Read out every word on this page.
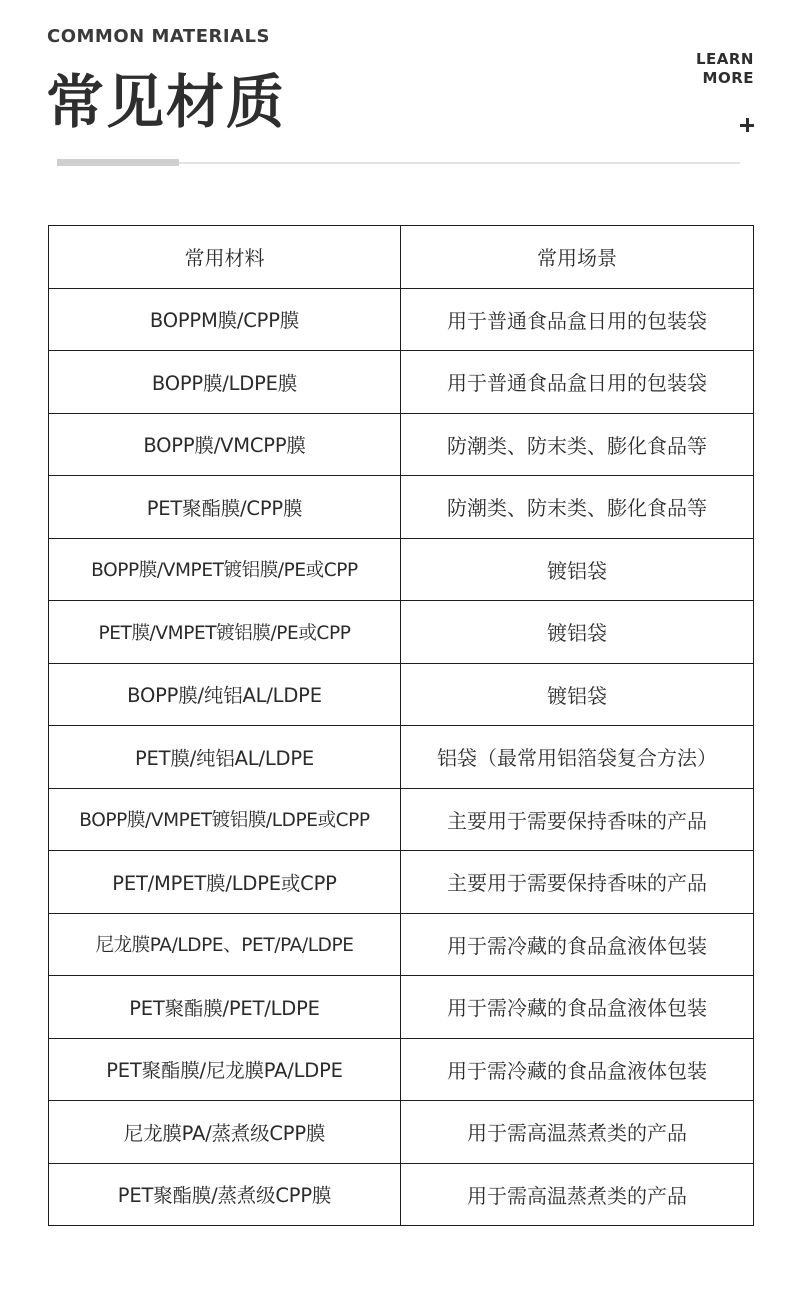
COMMON MATERIALS
常见材质
LEARN
MORE
常用材料	常用场景
BOPPM膜/CPP膜	用于普通食品盒日用的包装袋
BOPP膜/LDPE膜	用于普通食品盒日用的包装袋
BOPP膜/VMCPP膜	防潮类、防末类、膨化食品等
PET聚酯膜/CPP膜	防潮类、防末类、膨化食品等
BOPP膜/VMPET镀铝膜/PE或CPP	镀铝袋
PET膜/VMPET镀铝膜/PE或CPP	镀铝袋
BOPP膜/纯铝AL/LDPE	镀铝袋
PET膜/纯铝AL/LDPE	铝袋（最常用铝箔袋复合方法）
BOPP膜/VMPET镀铝膜/LDPE或CPP	主要用于需要保持香味的产品
PET/MPET膜/LDPE或CPP	主要用于需要保持香味的产品
尼龙膜PA/LDPE、PET/PA/LDPE	用于需冷藏的食品盒液体包装
PET聚酯膜/PET/LDPE	用于需冷藏的食品盒液体包装
PET聚酯膜/尼龙膜PA/LDPE	用于需冷藏的食品盒液体包装
尼龙膜PA/蒸煮级CPP膜	用于需高温蒸煮类的产品
PET聚酯膜/蒸煮级CPP膜	用于需高温蒸煮类的产品
